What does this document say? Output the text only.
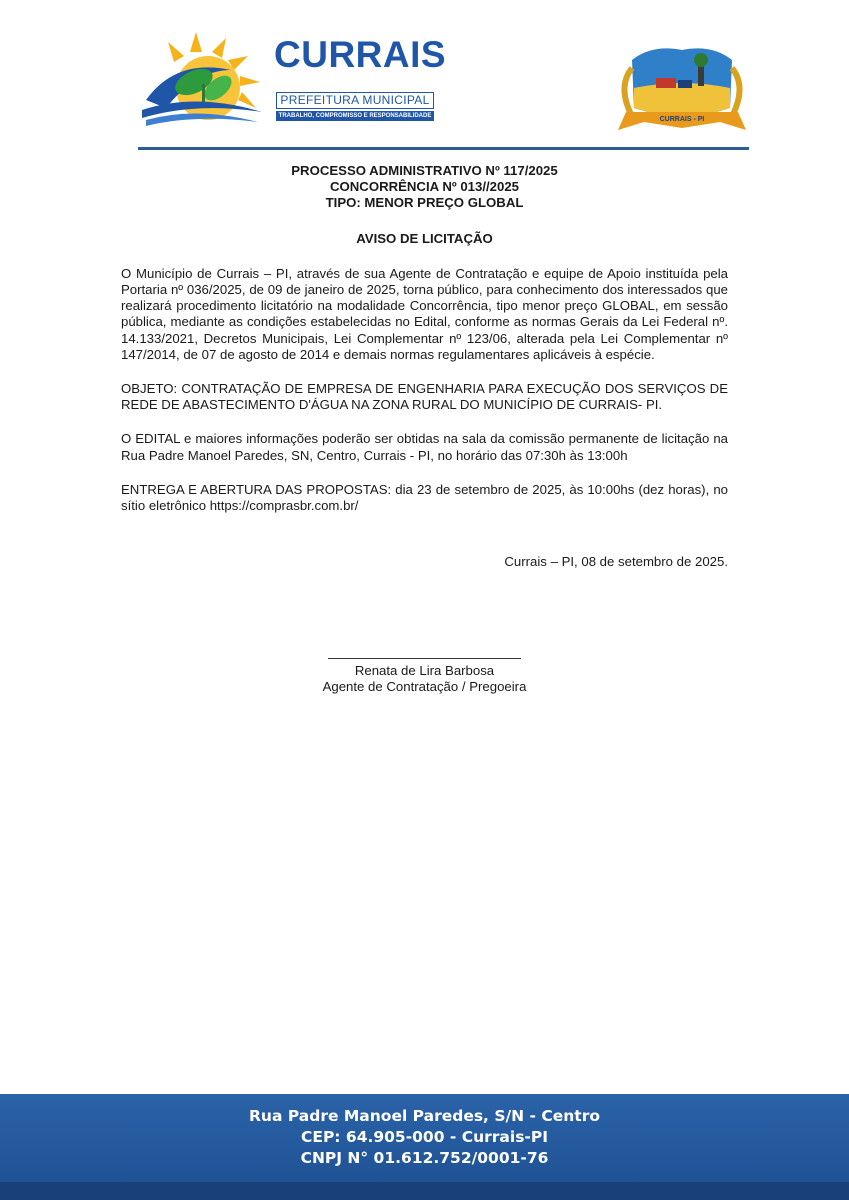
CURRAIS
PREFEITURA MUNICIPAL
TRABALHO, COMPROMISSO E RESPONSABILIDADE	CURRAIS - PI
PROCESSO ADMINISTRATIVO Nº 117/2025
CONCORRÊNCIA Nº 013//2025
TIPO: MENOR PREÇO GLOBAL
AVISO DE LICITAÇÃO

O Município de Currais – PI, através de sua Agente de Contratação e equipe de Apoio instituída pela Portaria nº 036/2025, de 09 de janeiro de 2025, torna público, para conhecimento dos interessados que realizará procedimento licitatório na modalidade Concorrência, tipo menor preço GLOBAL, em sessão pública, mediante as condições estabelecidas no Edital, conforme as normas Gerais da Lei Federal nº. 14.133/2021, Decretos Municipais, Lei Complementar nº 123/06, alterada pela Lei Complementar nº 147/2014, de 07 de agosto de 2014 e demais normas regulamentares aplicáveis à espécie.

OBJETO: CONTRATAÇÃO DE EMPRESA DE ENGENHARIA PARA EXECUÇÃO DOS SERVIÇOS DE REDE DE ABASTECIMENTO D'ÁGUA NA ZONA RURAL DO MUNICÍPIO DE CURRAIS- PI.

O EDITAL e maiores informações poderão ser obtidas na sala da comissão permanente de licitação na Rua Padre Manoel Paredes, SN, Centro, Currais - PI, no horário das 07:30h às 13:00h

ENTREGA E ABERTURA DAS PROPOSTAS: dia 23 de setembro de 2025, às 10:00hs (dez horas), no sítio eletrônico https://comprasbr.com.br/

Currais – PI, 08 de setembro de 2025.
Renata de Lira Barbosa
Agente de Contratação / Pregoeira
Rua Padre Manoel Paredes, S/N - Centro
CEP: 64.905-000 - Currais-PI
CNPJ N° 01.612.752/0001-76
